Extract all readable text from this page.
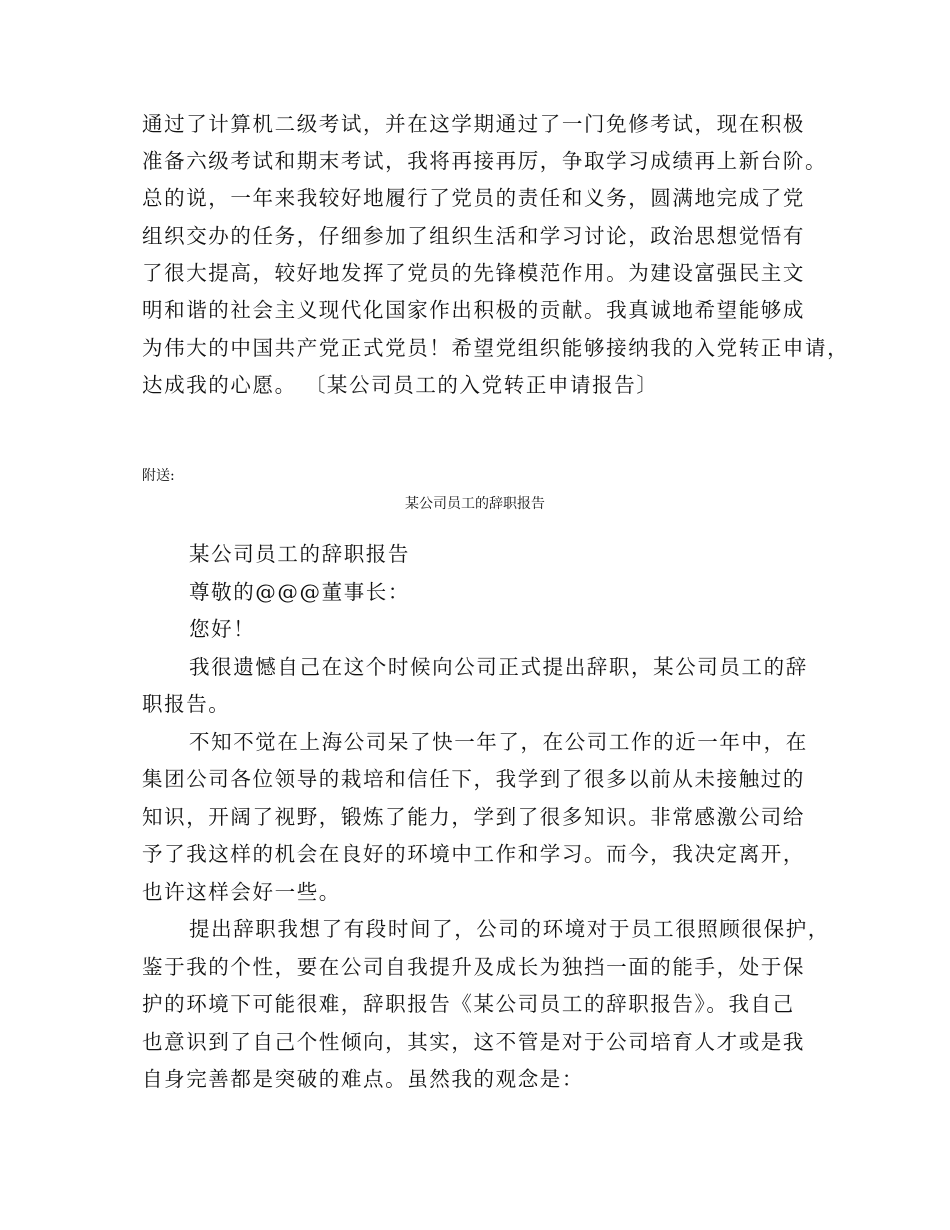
通过了计算机二级考试，并在这学期通过了一门免修考试，现在积极
准备六级考试和期末考试，我将再接再厉，争取学习成绩再上新台阶。
总的说，一年来我较好地履行了党员的责任和义务，圆满地完成了党
组织交办的任务，仔细参加了组织生活和学习讨论，政治思想觉悟有
了很大提高，较好地发挥了党员的先锋模范作用。为建设富强民主文
明和谐的社会主义现代化国家作出积极的贡献。我真诚地希望能够成
为伟大的中国共产党正式党员！希望党组织能够接纳我的入党转正申请，
达成我的心愿。 〔某公司员工的入党转正申请报告〕
附送:
某公司员工的辞职报告
某公司员工的辞职报告
尊敬的@@@董事长：
您好！
我很遗憾自己在这个时候向公司正式提出辞职，某公司员工的辞
职报告。
不知不觉在上海公司呆了快一年了，在公司工作的近一年中，在
集团公司各位领导的栽培和信任下，我学到了很多以前从未接触过的
知识，开阔了视野，锻炼了能力，学到了很多知识。非常感激公司给
予了我这样的机会在良好的环境中工作和学习。而今，我决定离开，
也许这样会好一些。
提出辞职我想了有段时间了，公司的环境对于员工很照顾很保护，
鉴于我的个性，要在公司自我提升及成长为独挡一面的能手，处于保
护的环境下可能很难，辞职报告《某公司员工的辞职报告》。我自己
也意识到了自己个性倾向，其实，这不管是对于公司培育人才或是我
自身完善都是突破的难点。虽然我的观念是：
